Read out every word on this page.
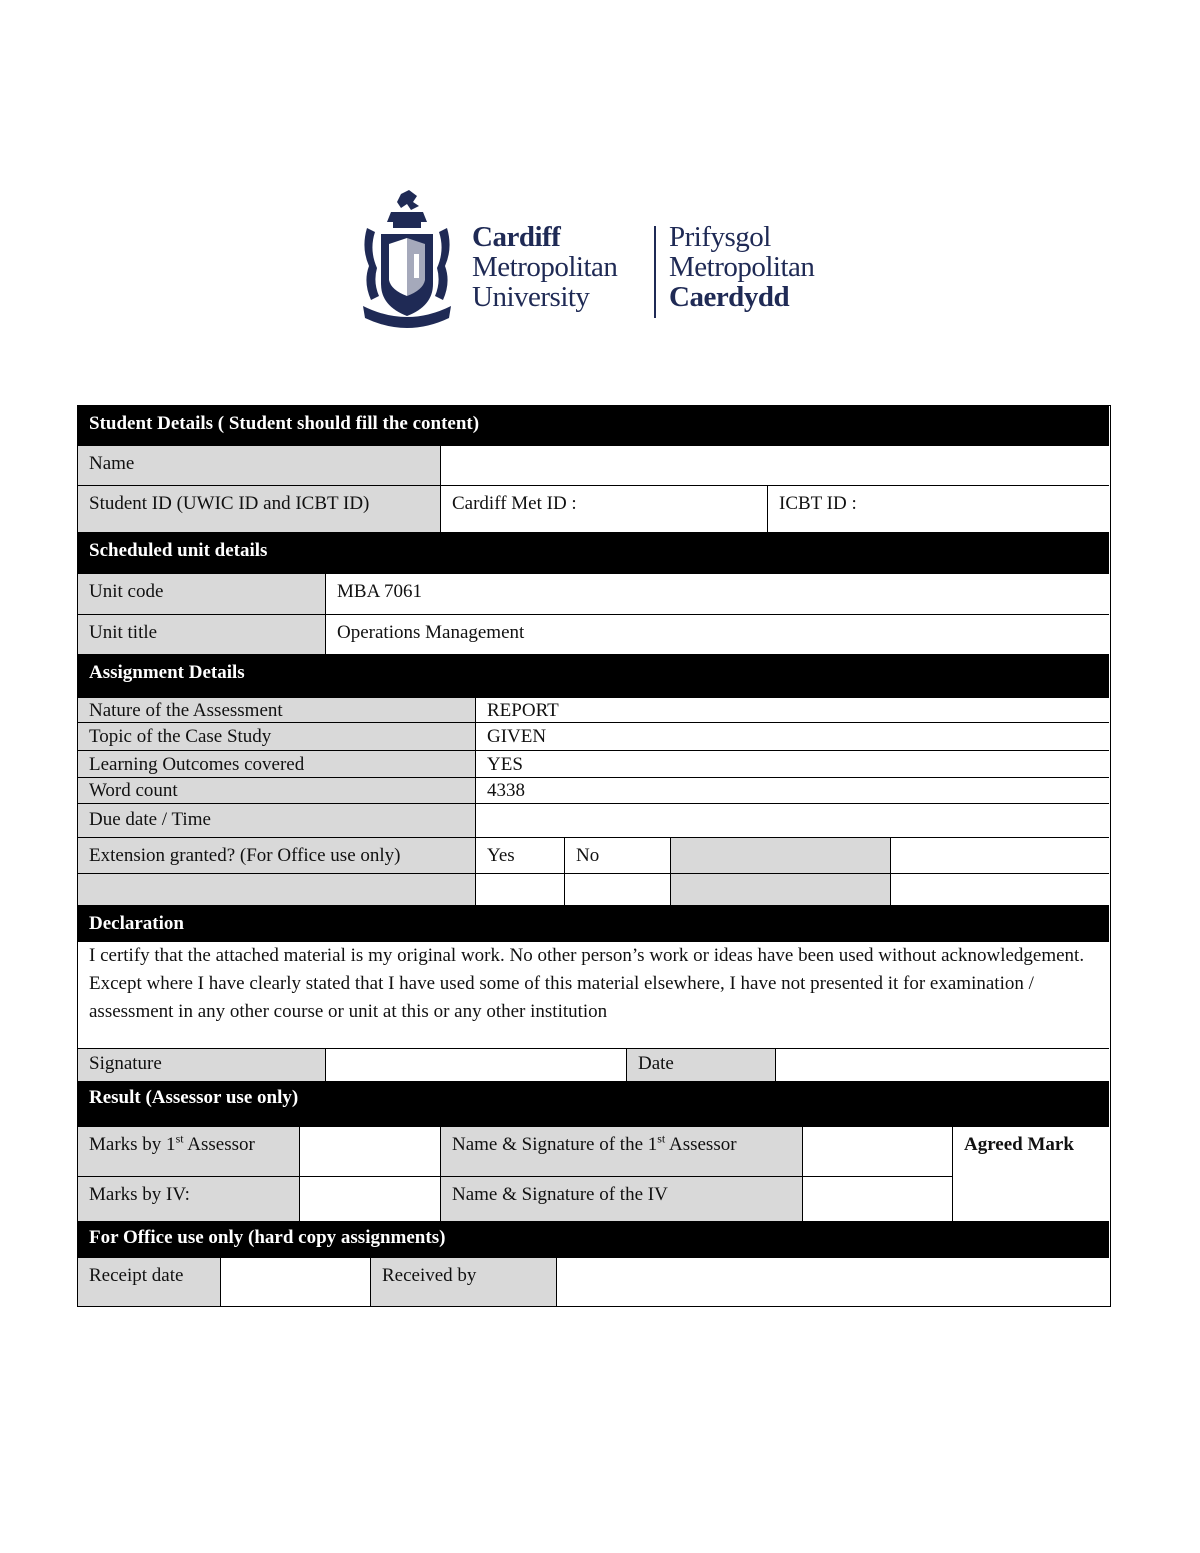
Cardiff
Metropolitan
University
Prifysgol
Metropolitan
Caerdydd
Student Details ( Student should fill the content)
Name
Student ID (UWIC ID and ICBT ID)	Cardiff Met ID :	ICBT ID :
Scheduled unit details
Unit code	MBA 7061
Unit title	Operations Management
Assignment Details
Nature of the Assessment	REPORT
Topic of the Case Study	GIVEN
Learning Outcomes covered	YES
Word count	4338
Due date / Time
Extension granted? (For Office use only)	Yes	No
Declaration
I certify that the attached material is my original work. No other person’s work or ideas have been used without acknowledgement. Except where I have clearly stated that I have used some of this material elsewhere, I have not presented it for examination / assessment in any other course or unit at this or any other institution
Signature	Date
Result (Assessor use only)
Marks by 1st Assessor	Name & Signature of the 1st Assessor	Agreed Mark
Marks by IV:	Name & Signature of the IV
For Office use only (hard copy assignments)
Receipt date	Received by
